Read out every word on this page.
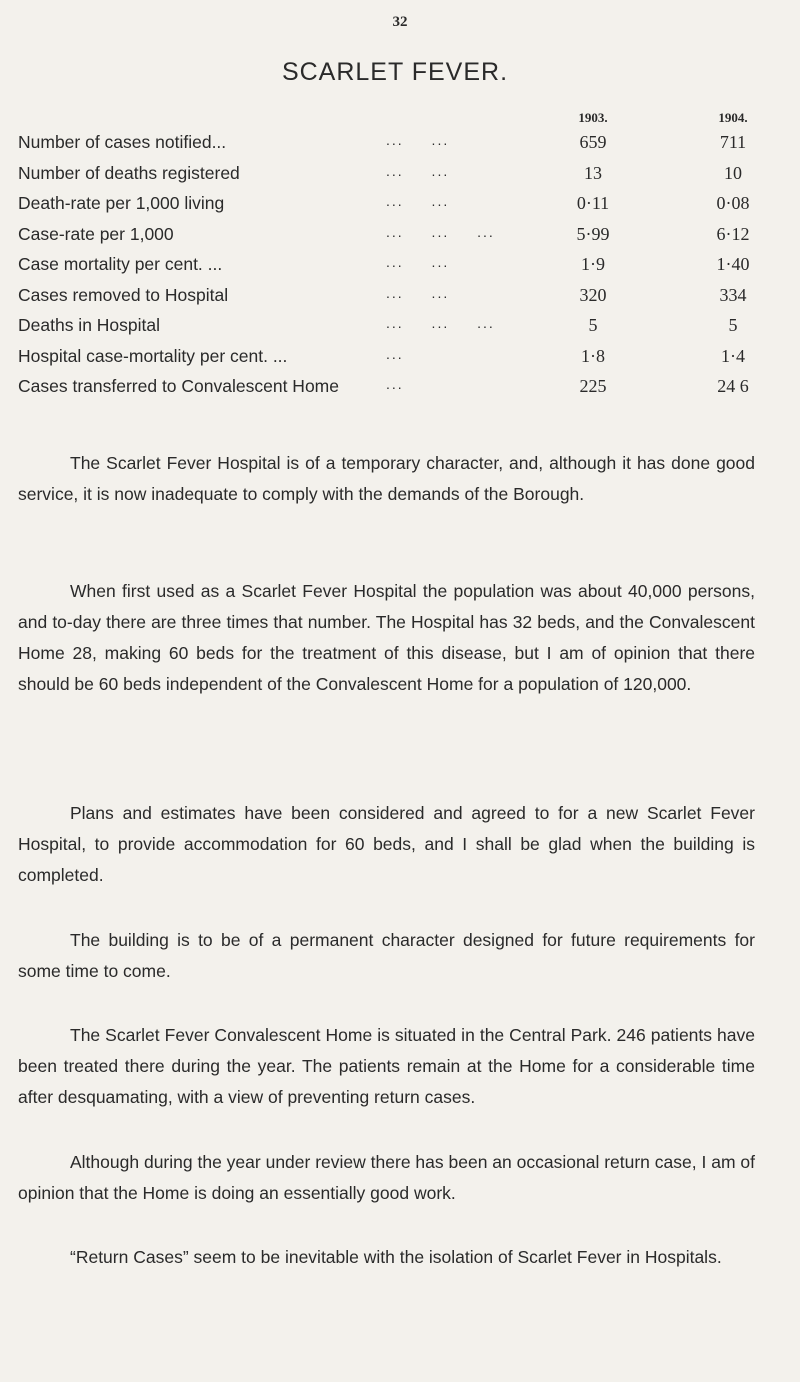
32
SCARLET FEVER.
1903.	1904.
Number of cases notified...	... ...	659	711
Number of deaths registered	... ...	13	10
Death-rate per 1,000 living	... ...	0·11	0·08
Case-rate per 1,000	... ... ...	5·99	6·12
Case mortality per cent. ...	... ...	1·9	1·40
Cases removed to Hospital	... ...	320	334
Deaths in Hospital	... ... ...	5	5
Hospital case-mortality per cent. ...	...	1·8	1·4
Cases transferred to Convalescent Home	...	225	24 6

The Scarlet Fever Hospital is of a temporary character, and, although it has done good service, it is now inadequate to comply with the demands of the Borough.

When first used as a Scarlet Fever Hospital the population was about 40,000 persons, and to-day there are three times that number. The Hospital has 32 beds, and the Convalescent Home 28, making 60 beds for the treatment of this disease, but I am of opinion that there should be 60 beds independent of the Convalescent Home for a population of 120,000.

Plans and estimates have been considered and agreed to for a new Scarlet Fever Hospital, to provide accommodation for 60 beds, and I shall be glad when the building is completed.

The building is to be of a permanent character designed for future requirements for some time to come.

The Scarlet Fever Convalescent Home is situated in the Central Park. 246 patients have been treated there during the year. The patients remain at the Home for a considerable time after desquamating, with a view of preventing return cases.

Although during the year under review there has been an occasional return case, I am of opinion that the Home is doing an essentially good work.

“Return Cases” seem to be inevitable with the isolation of Scarlet Fever in Hospitals.
